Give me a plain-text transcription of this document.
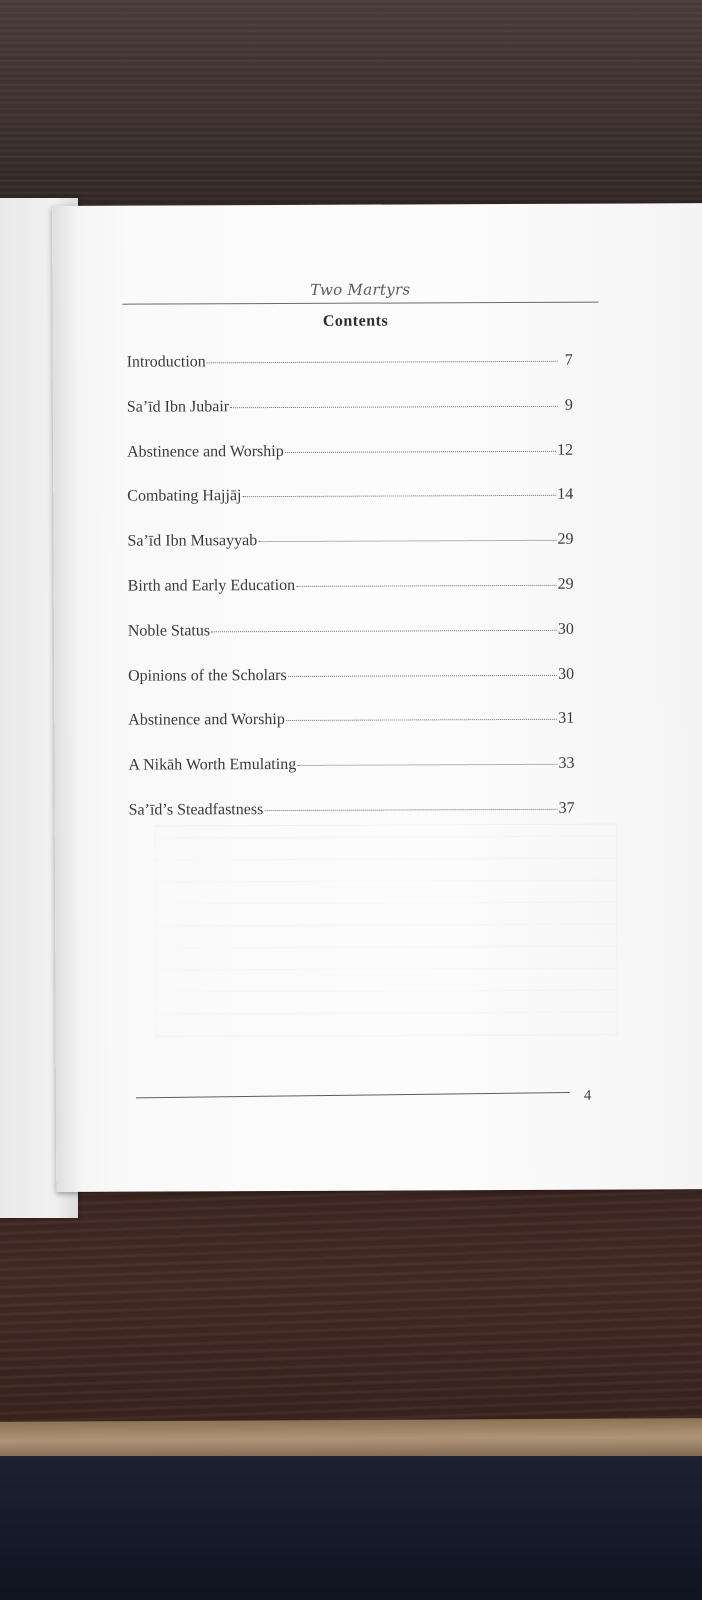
Two Martyrs
Contents
Introduction	7
Sa’īd Ibn Jubair	9
Abstinence and Worship	12
Combating Hajjāj	14
Sa’īd Ibn Musayyab	29
Birth and Early Education	29
Noble Status	30
Opinions of the Scholars	30
Abstinence and Worship	31
A Nikāh Worth Emulating	33
Sa’īd’s Steadfastness	37
4
